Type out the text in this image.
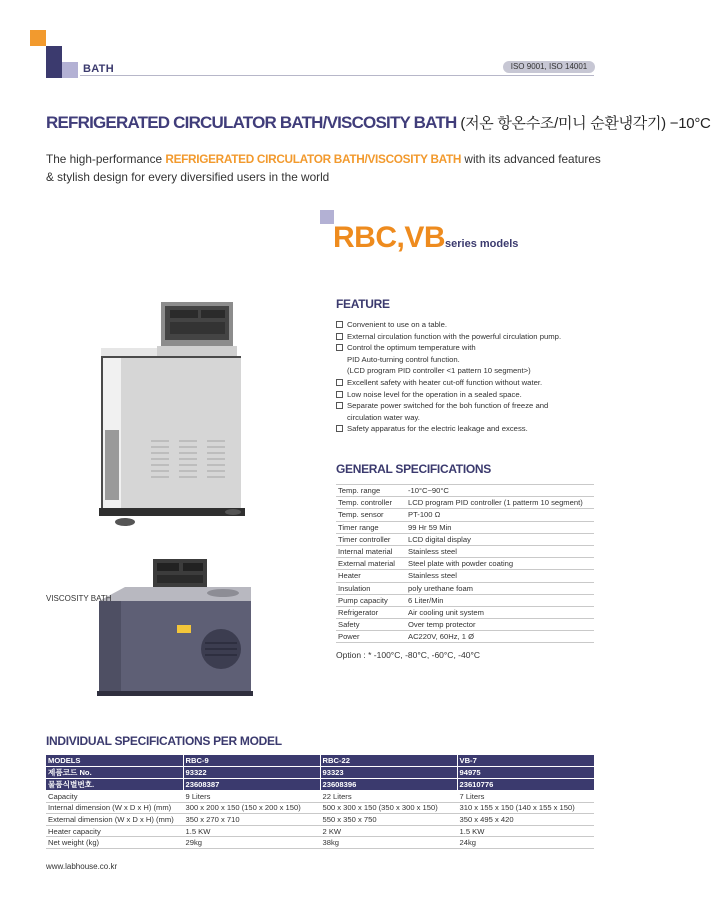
BATH	ISO 9001, ISO 14001
REFRIGERATED CIRCULATOR BATH/VISCOSITY BATH (저온 항온수조/미니 순환냉각기) −10°C
The high-performance REFRIGERATED CIRCULATOR BATH/VISCOSITY BATH with its advanced features & stylish design for every diversified users in the world
RBC,VBseries models
VISCOSITY BATH
FEATURE
Convenient to use on a table.
External circulation function with the powerful circulation pump.
Control the optimum temperature with
PID Auto-turning control function.
(LCD program PID controller <1 pattern 10 segment>)
Excellent safety with heater cut-off function without water.
Low noise level for the operation in a sealed space.
Separate power switched for the boh function of freeze and
circulation water way.
Safety apparatus for the electric leakage and excess.
GENERAL SPECIFICATIONS
Temp. range	-10°C~90°C
Temp. controller	LCD program PID controller (1 patterm 10 segment)
Temp. sensor	PT-100 Ω
Timer range	99 Hr 59 Min
Timer controller	LCD digital display
Internal material	Stainless steel
External material	Steel plate with powder coating
Heater	Stainless steel
Insulation	poly urethane foam
Pump capacity	6 Liter/Min
Refrigerator	Air cooling unit system
Safety	Over temp protector
Power	AC220V, 60Hz, 1 Ø
Option : * -100°C, -80°C, -60°C, -40°C
INDIVIDUAL SPECIFICATIONS PER MODEL
MODELS	RBC-9	RBC-22	VB-7
제품코드 No.	93322	93323	94975
물품식별번호.	23608387	23608396	23610776
Capacity	9 Liters	22 Liters	7 Liters
Internal dimension (W x D x H) (mm)	300 x 200 x 150 (150 x 200 x 150)	500 x 300 x 150 (350 x 300 x 150)	310 x 155 x 150 (140 x 155 x 150)
External dimension (W x D x H) (mm)	350 x 270 x 710	550 x 350 x 750	350 x 495 x 420
Heater capacity	1.5 KW	2 KW	1.5 KW
Net weight (kg)	29kg	38kg	24kg
www.labhouse.co.kr
